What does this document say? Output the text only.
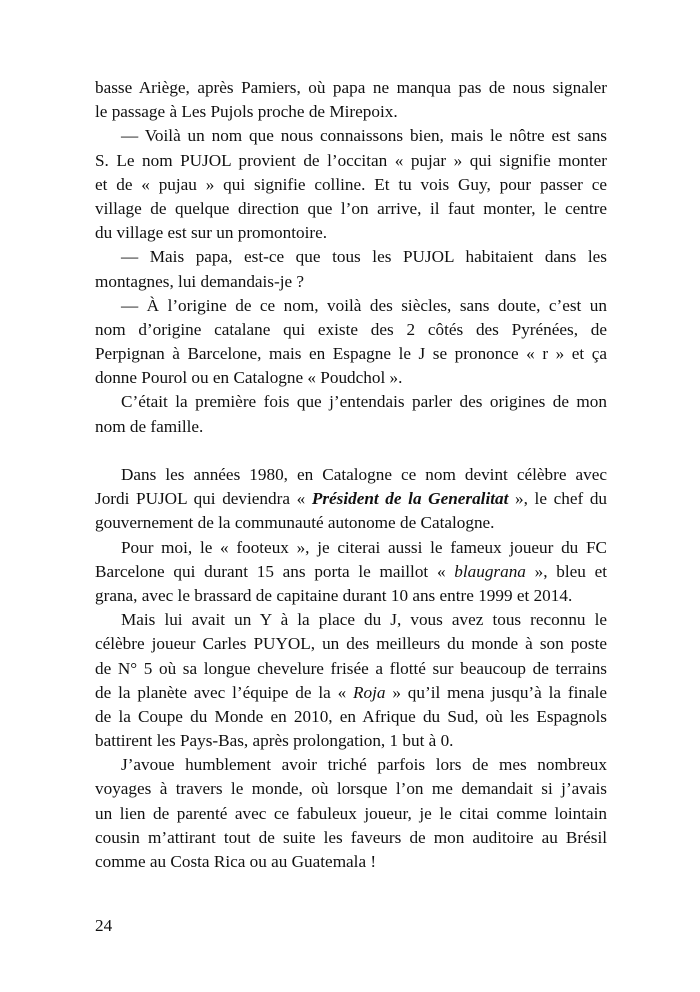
basse Ariège, après Pamiers, où papa ne manqua pas de nous signaler
le passage à Les Pujols proche de Mirepoix.
— Voilà un nom que nous connaissons bien, mais le nôtre est sans
S. Le nom PUJOL provient de l’occitan « pujar » qui signifie monter
et de « pujau » qui signifie colline. Et tu vois Guy, pour passer ce
village de quelque direction que l’on arrive, il faut monter, le centre
du village est sur un promontoire.
— Mais papa, est-ce que tous les PUJOL habitaient dans les
montagnes, lui demandais-je ?
— À l’origine de ce nom, voilà des siècles, sans doute, c’est un
nom d’origine catalane qui existe des 2 côtés des Pyrénées, de
Perpignan à Barcelone, mais en Espagne le J se prononce « r » et ça
donne Pourol ou en Catalogne « Poudchol ».
C’était la première fois que j’entendais parler des origines de mon
nom de famille.
Dans les années 1980, en Catalogne ce nom devint célèbre avec
Jordi PUJOL qui deviendra « Président de la Generalitat », le chef du
gouvernement de la communauté autonome de Catalogne.
Pour moi, le « footeux », je citerai aussi le fameux joueur du FC
Barcelone qui durant 15 ans porta le maillot « blaugrana », bleu et
grana, avec le brassard de capitaine durant 10 ans entre 1999 et 2014.
Mais lui avait un Y à la place du J, vous avez tous reconnu le
célèbre joueur Carles PUYOL, un des meilleurs du monde à son poste
de N° 5 où sa longue chevelure frisée a flotté sur beaucoup de terrains
de la planète avec l’équipe de la « Roja » qu’il mena jusqu’à la finale
de la Coupe du Monde en 2010, en Afrique du Sud, où les Espagnols
battirent les Pays-Bas, après prolongation, 1 but à 0.
J’avoue humblement avoir triché parfois lors de mes nombreux
voyages à travers le monde, où lorsque l’on me demandait si j’avais
un lien de parenté avec ce fabuleux joueur, je le citai comme lointain
cousin m’attirant tout de suite les faveurs de mon auditoire au Brésil
comme au Costa Rica ou au Guatemala !
24
